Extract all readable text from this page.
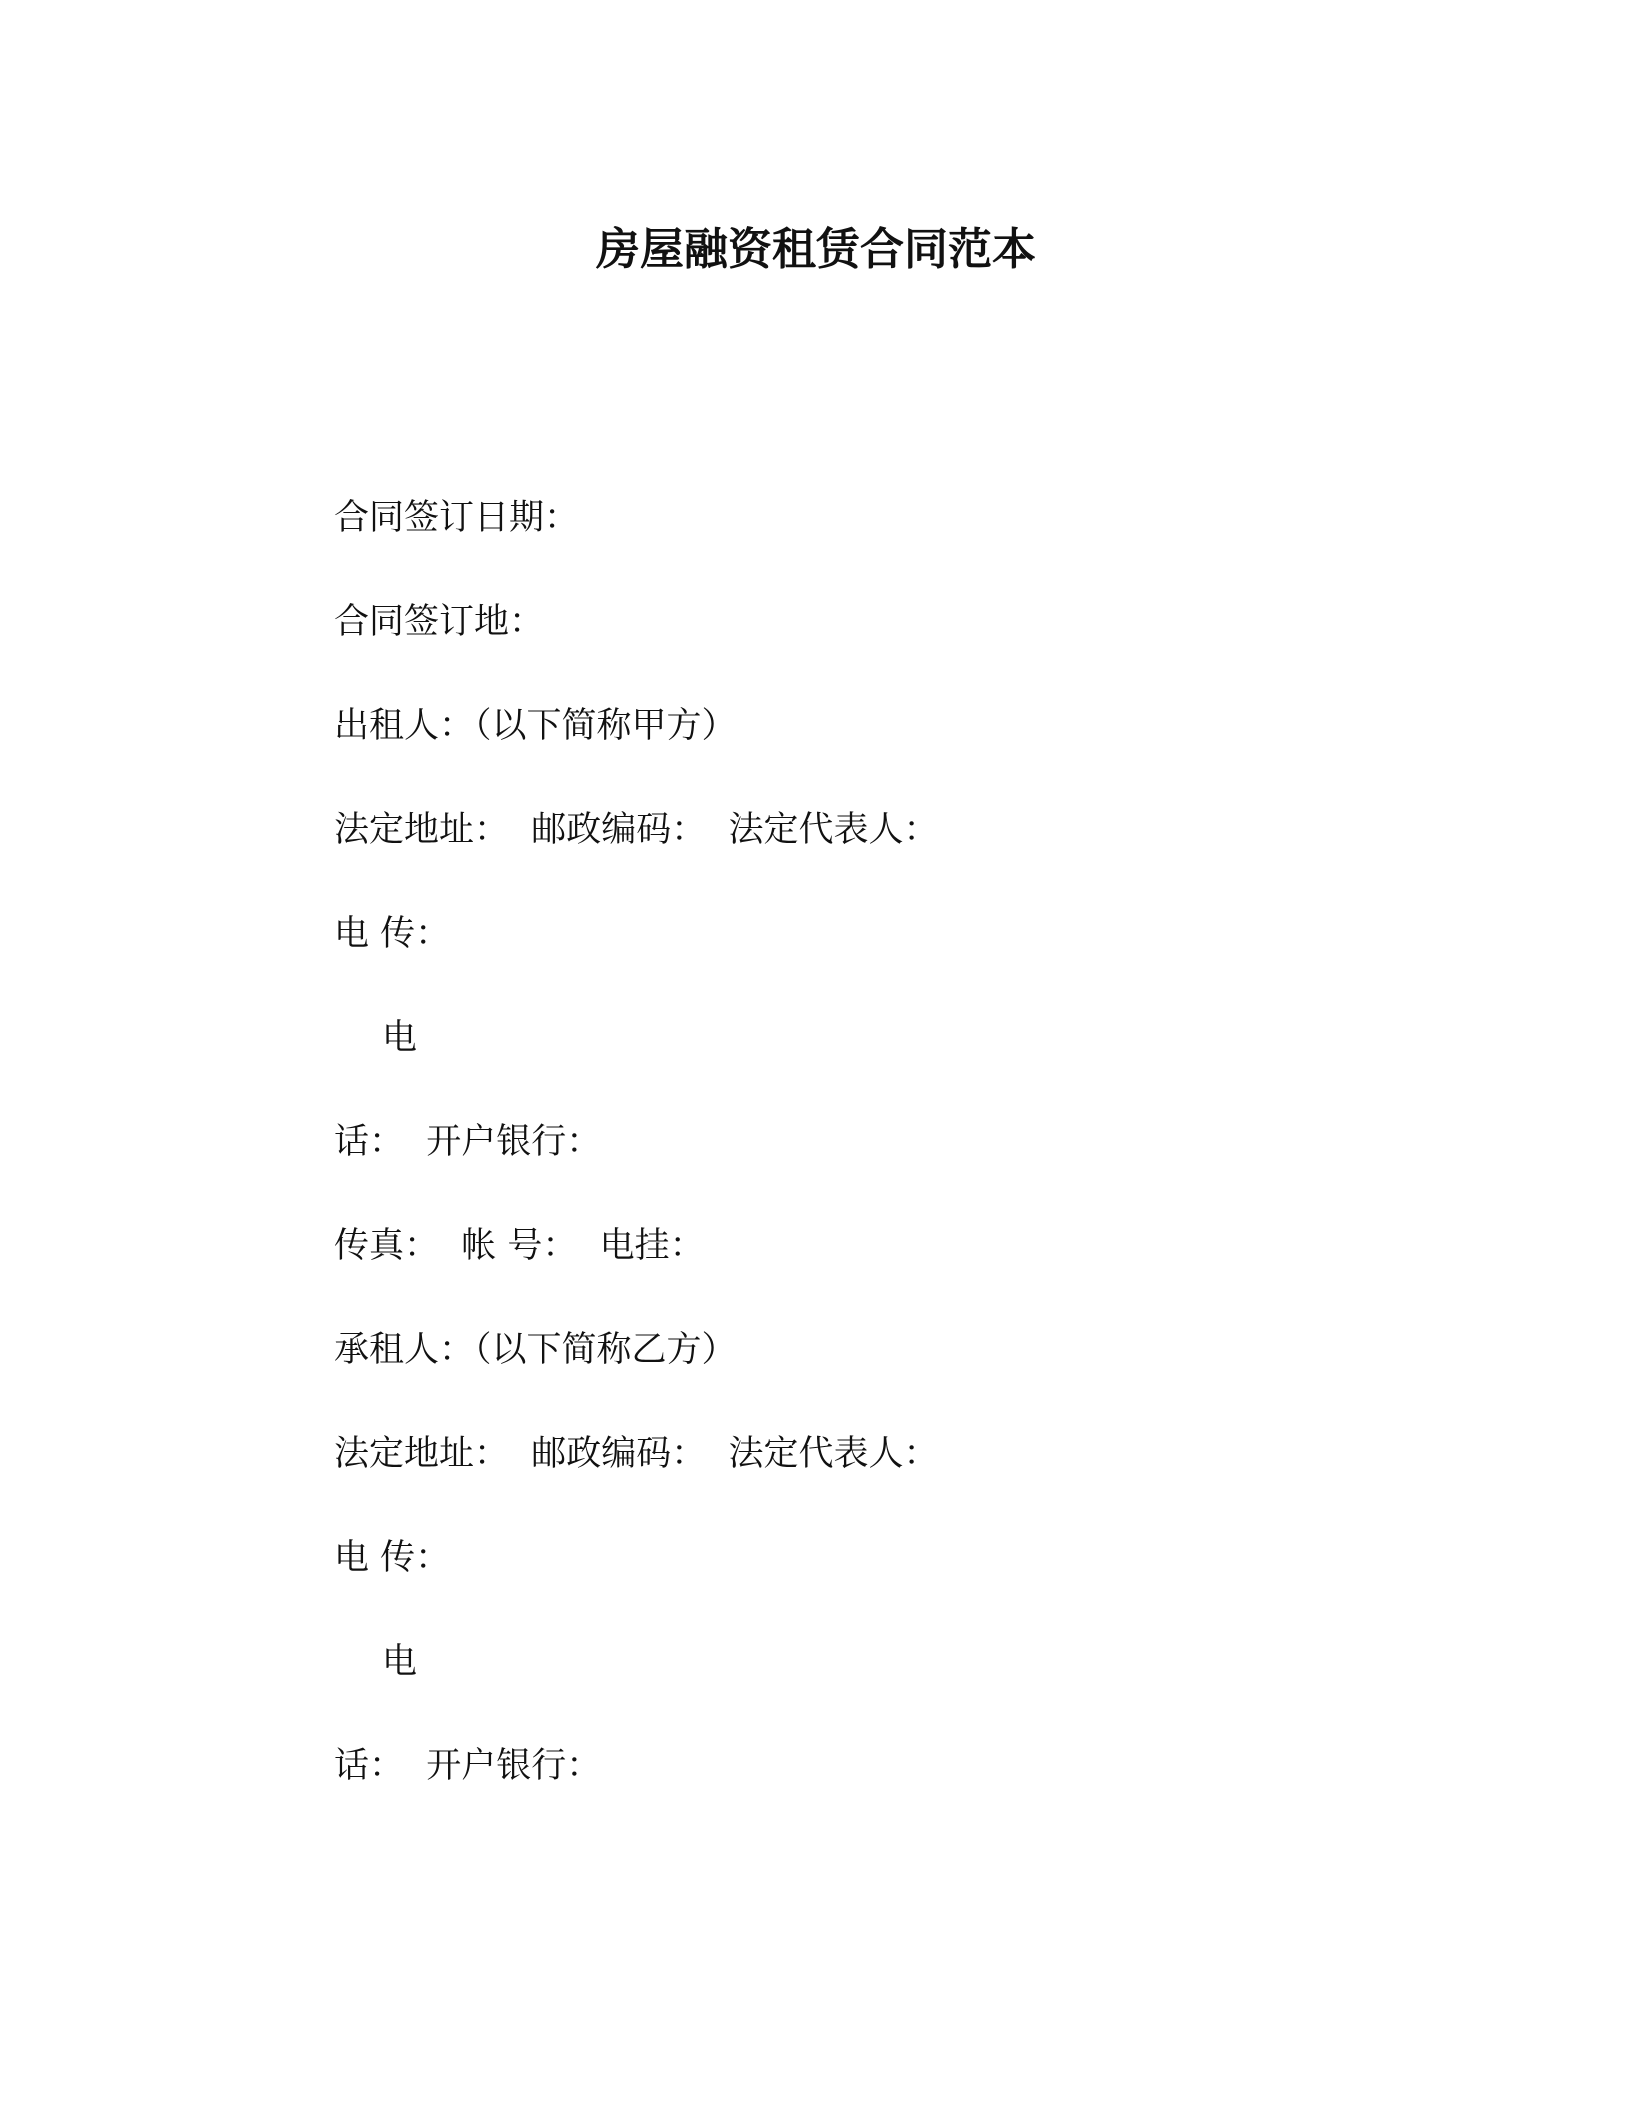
房屋融资租赁合同范本
合同签订日期：
合同签订地：
出租人：（以下简称甲方）
法定地址：  邮政编码：  法定代表人：
电 传：
电
话：  开户银行：
传真：  帐 号：  电挂：
承租人：（以下简称乙方）
法定地址：  邮政编码：  法定代表人：
电 传：
电
话：  开户银行：
